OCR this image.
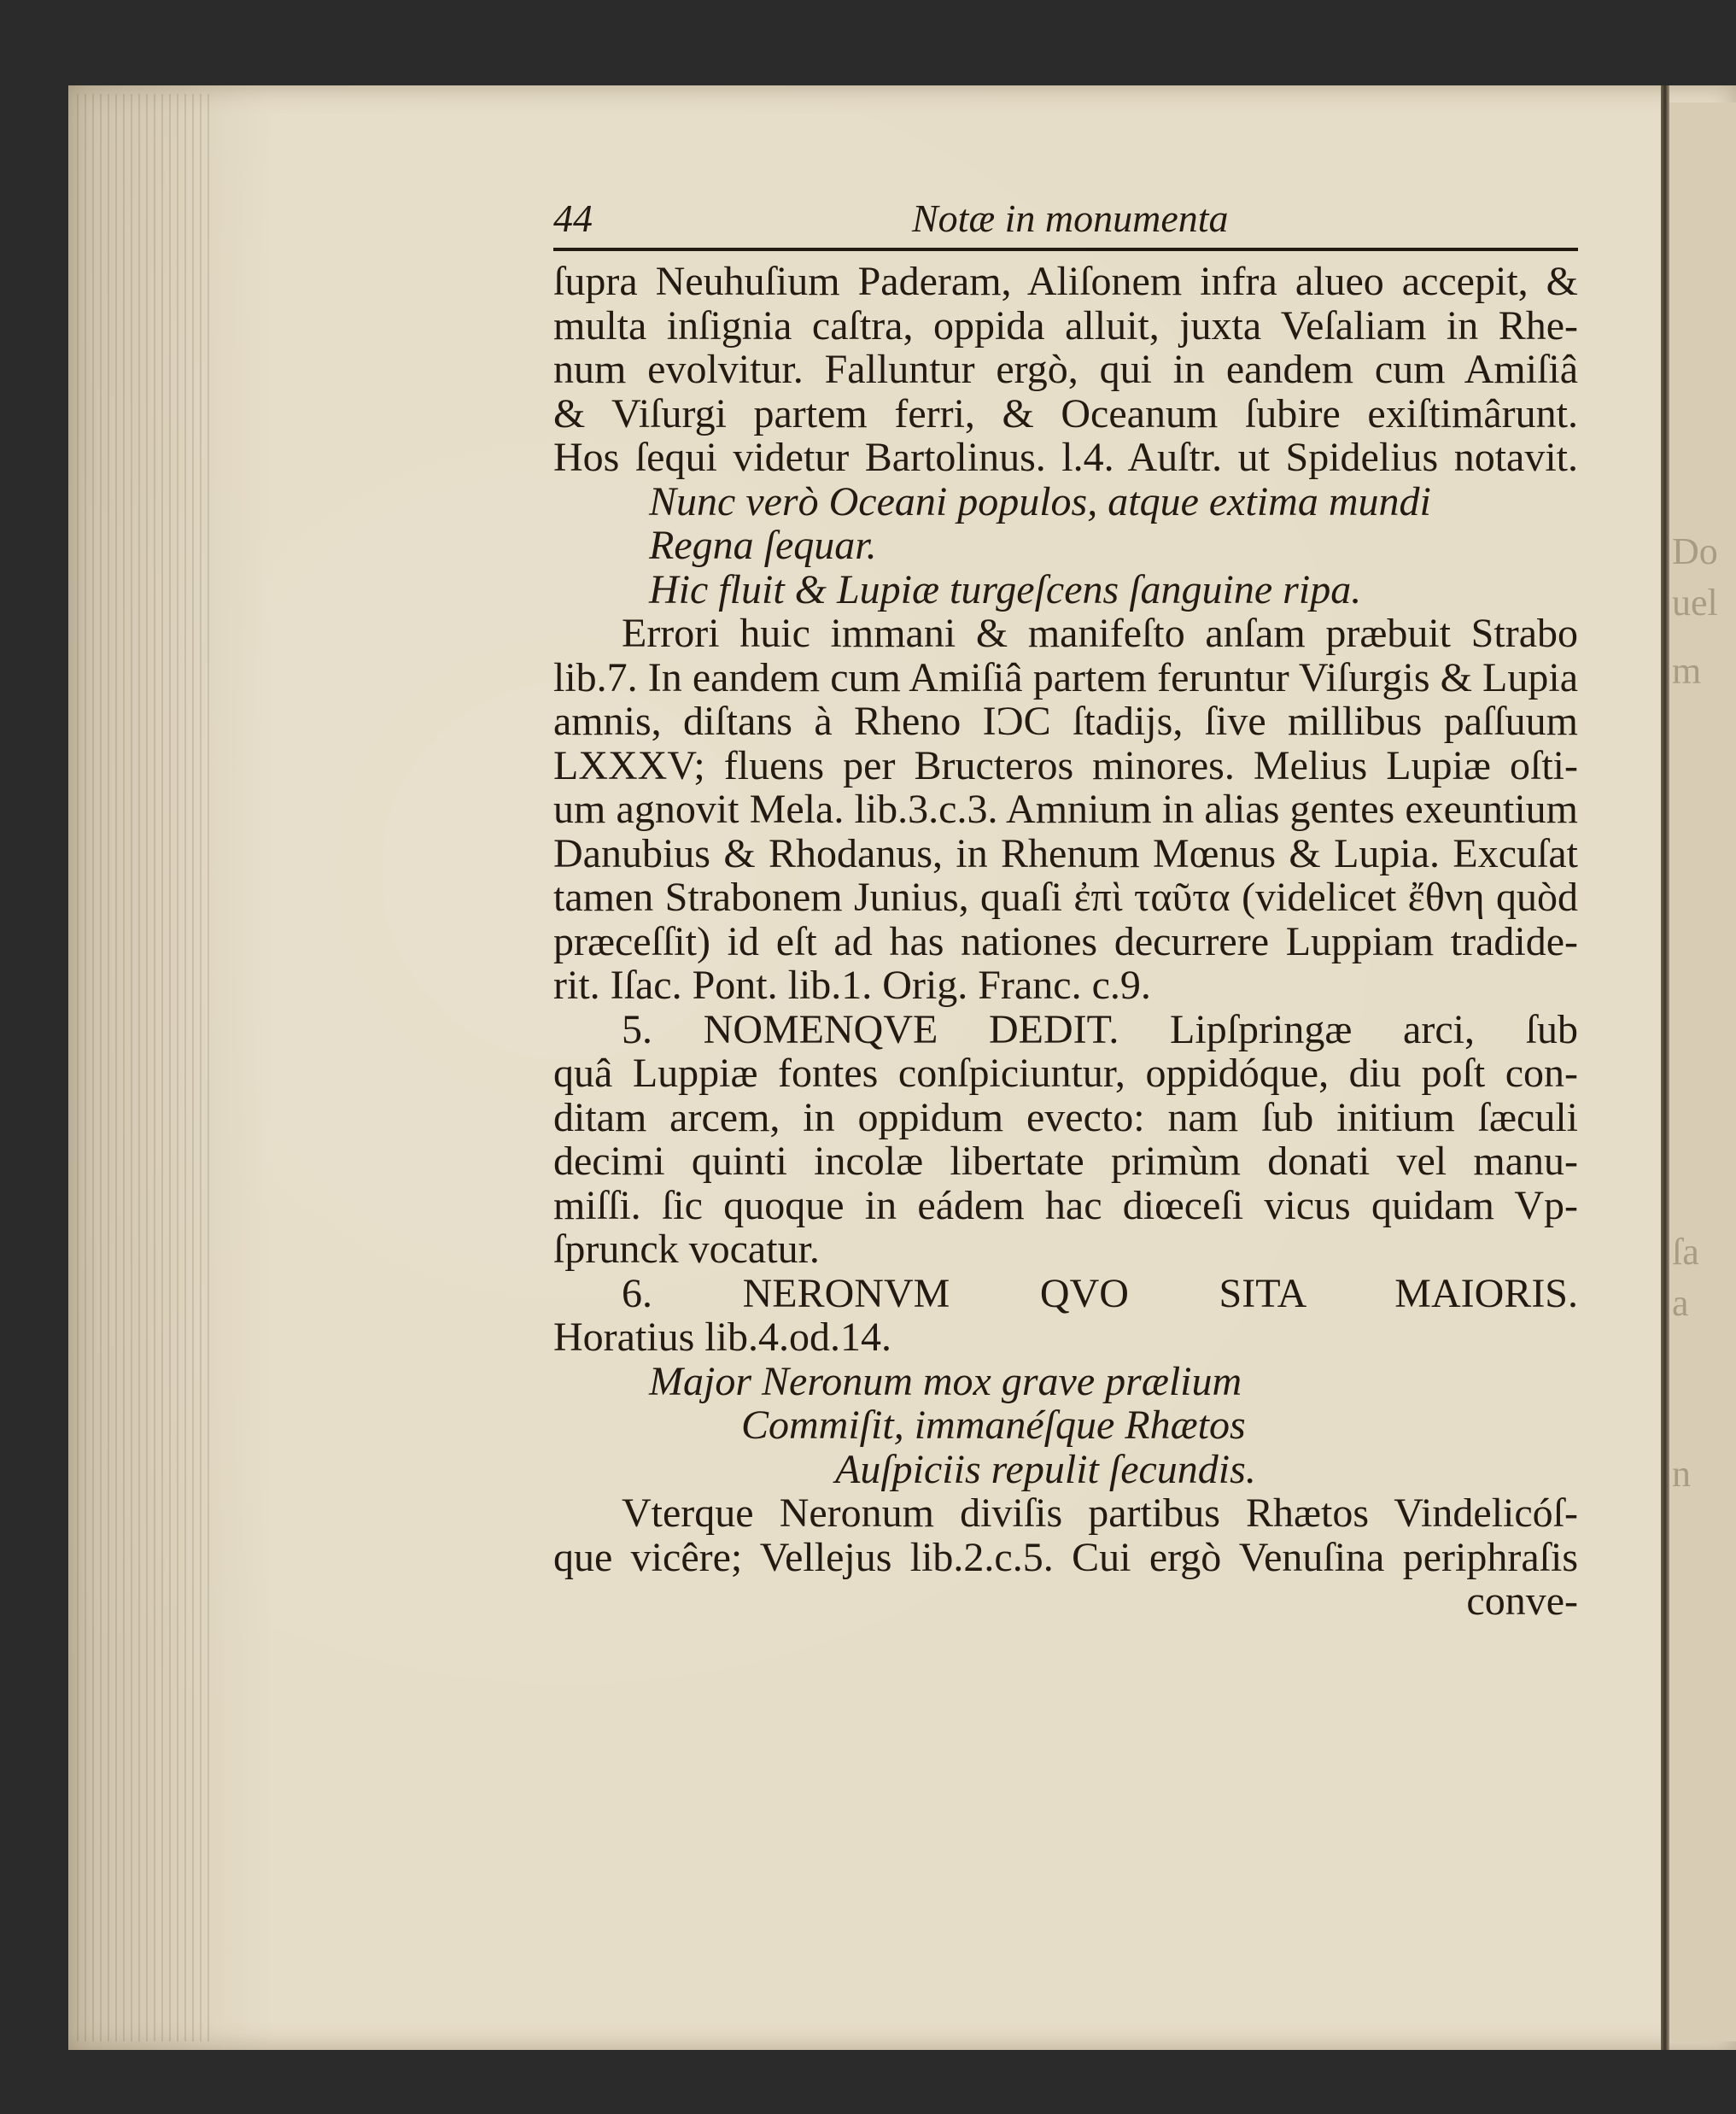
Do
uel
m
ſa
a
n
44	Notæ in monumenta
ſupra Neuhuſium Paderam, Aliſonem infra alueo accepit, &
multa inſignia caſtra, oppida alluit, juxta Veſaliam in Rhe-
num evolvitur. Falluntur ergò, qui in eandem cum Amiſiâ
& Viſurgi partem ferri, & Oceanum ſubire exiſtimârunt.
Hos ſequi videtur Bartolinus. l.4. Auſtr. ut Spidelius notavit.
Nunc verò Oceani populos, atque extima mundi
Regna ſequar.
Hic fluit & Lupiæ turgeſcens ſanguine ripa.
Errori huic immani & manifeſto anſam præbuit Strabo
lib.7. In eandem cum Amiſiâ partem feruntur Viſurgis & Lupia
amnis, diſtans à Rheno IƆC ſtadijs, ſive millibus paſſuum
LXXXV; fluens per Bructeros minores. Melius Lupiæ oſti-
um agnovit Mela. lib.3.c.3. Amnium in alias gentes exeuntium
Danubius & Rhodanus, in Rhenum Mœnus & Lupia. Excuſat
tamen Strabonem Junius, quaſi ἐπὶ ταῦτα (videlicet ἔθνη quòd
præceſſit) id eſt ad has nationes decurrere Luppiam tradide-
rit. Iſac. Pont. lib.1. Orig. Franc. c.9.
5. NOMENQVE DEDIT. Lipſpringæ arci, ſub
quâ Luppiæ fontes conſpiciuntur, oppidóque, diu poſt con-
ditam arcem, in oppidum evecto: nam ſub initium ſæculi
decimi quinti incolæ libertate primùm donati vel manu-
miſſi. ſic quoque in eádem hac diœceſi vicus quidam Vp-
ſprunck vocatur.
6. NERONVM QVO SITA MAIORIS.
Horatius lib.4.od.14.
Major Neronum mox grave prælium
Commiſit, immanéſque Rhætos
Auſpiciis repulit ſecundis.
Vterque Neronum diviſis partibus Rhætos Vindelicóſ-
que vicêre; Vellejus lib.2.c.5. Cui ergò Venuſina periphraſis
conve-
